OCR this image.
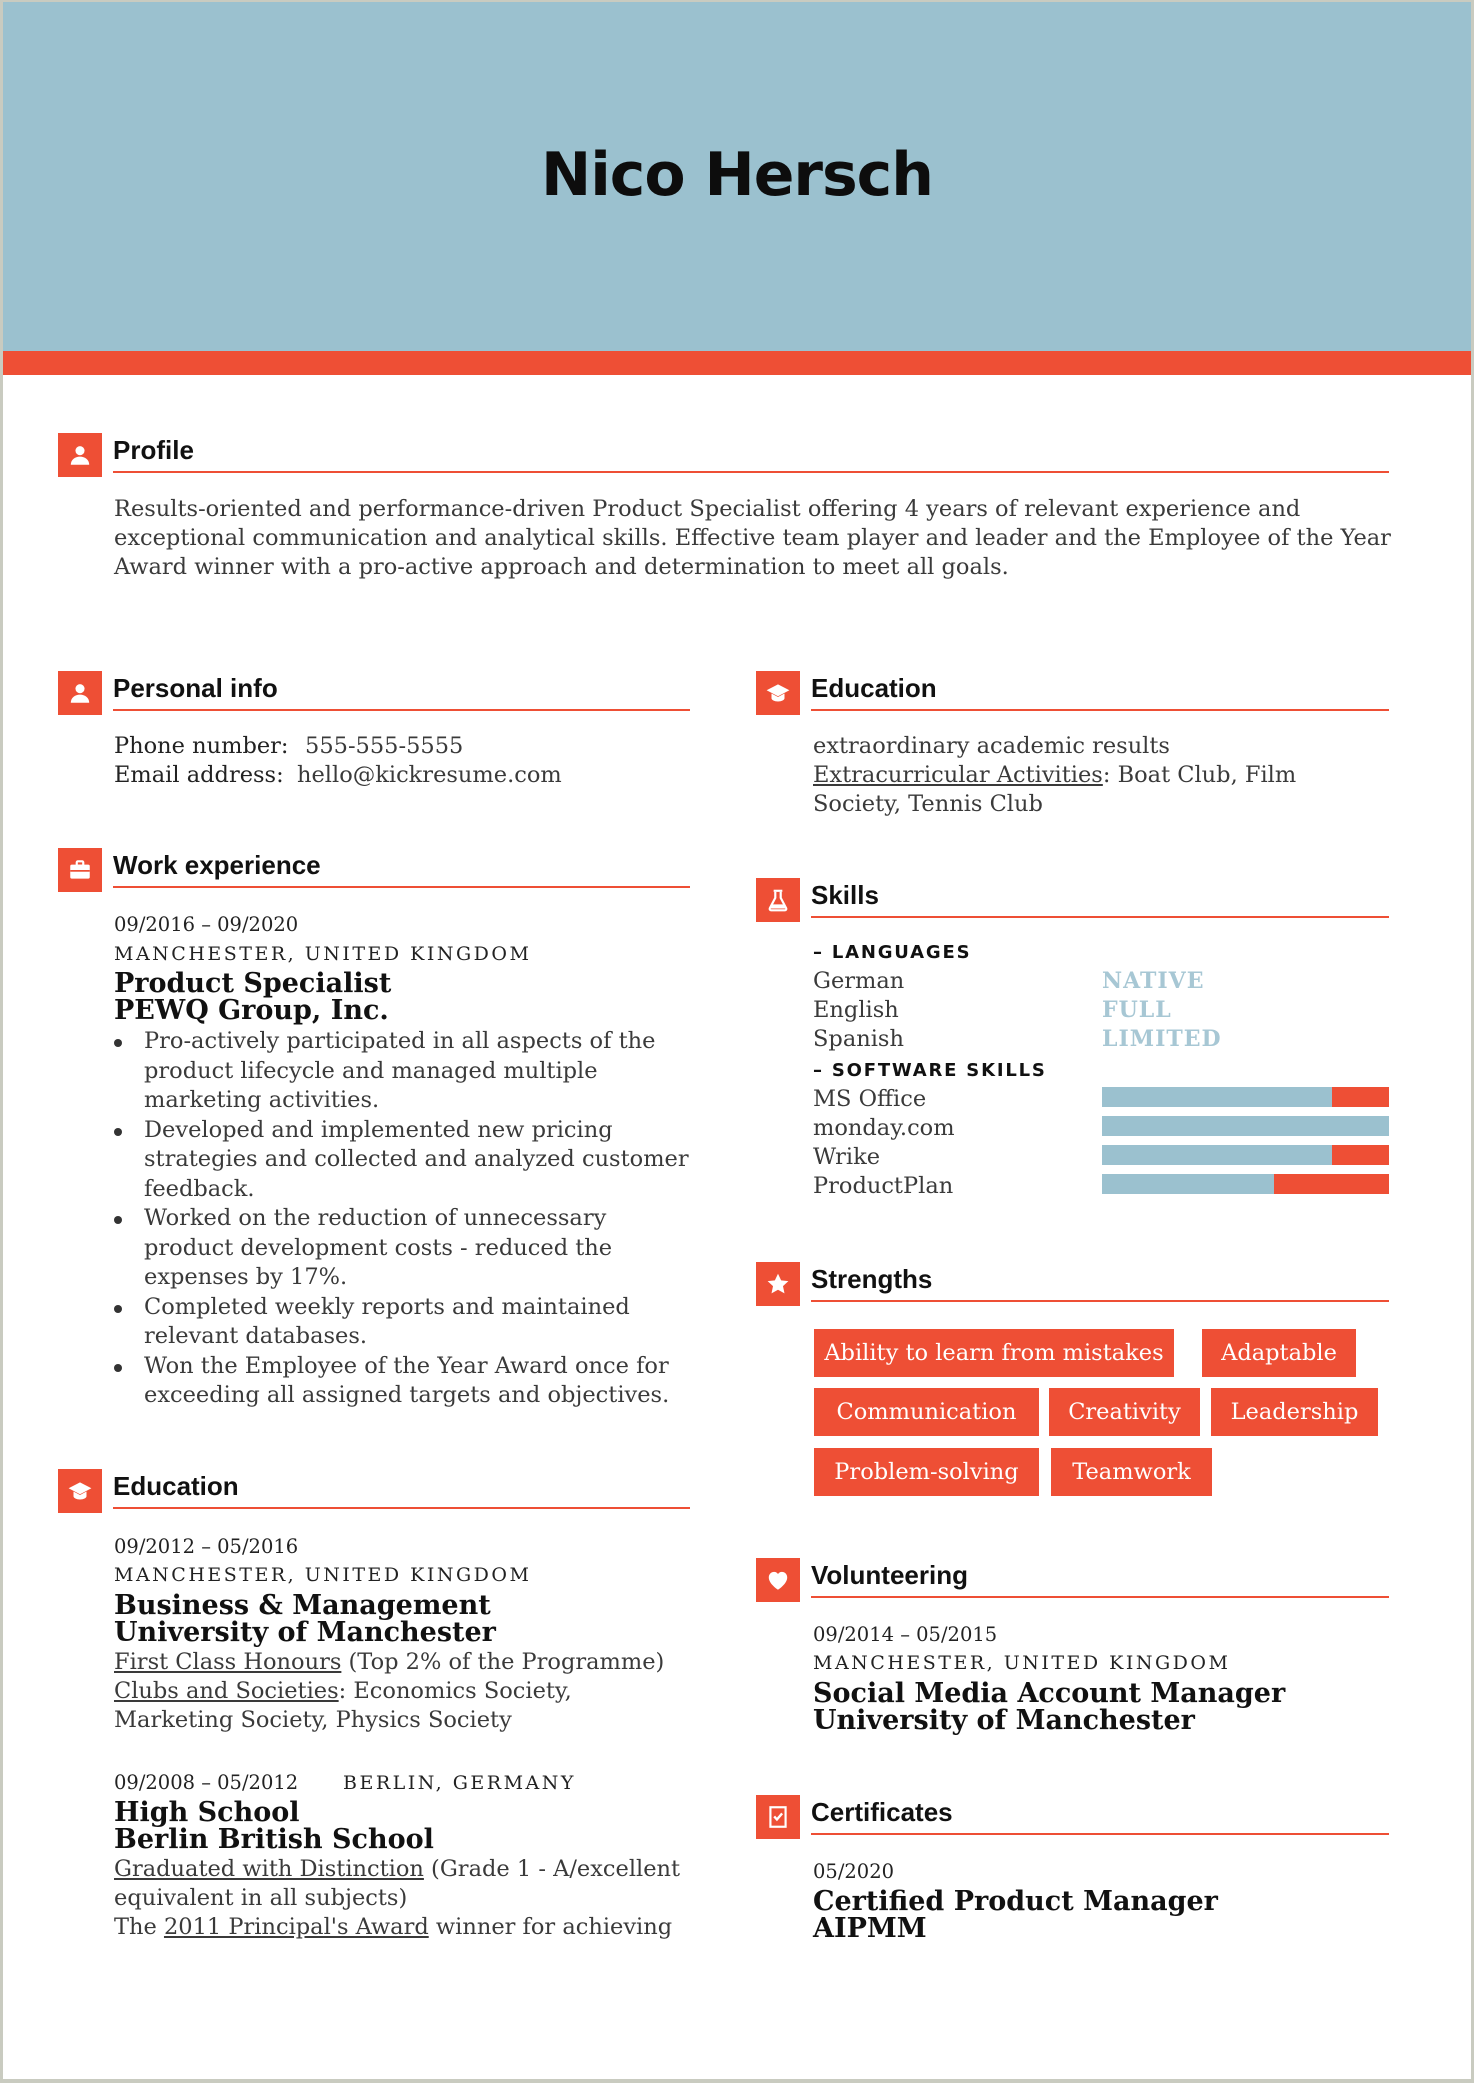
Nico Hersch
Profile
Results-oriented and performance-driven Product Specialist offering 4 years of relevant experience and
exceptional communication and analytical skills. Effective team player and leader and the Employee of the Year
Award winner with a pro-active approach and determination to meet all goals.
Personal info
Phone number: 555-555-5555
Email address: hello@kickresume.com
Work experience
09/2016 – 09/2020
MANCHESTER, UNITED KINGDOM
Product Specialist
PEWQ Group, Inc.
Pro-actively participated in all aspects of the
product lifecycle and managed multiple
marketing activities.
Developed and implemented new pricing
strategies and collected and analyzed customer
feedback.
Worked on the reduction of unnecessary
product development costs - reduced the
expenses by 17%.
Completed weekly reports and maintained
relevant databases.
Won the Employee of the Year Award once for
exceeding all assigned targets and objectives.
Education
09/2012 – 05/2016
MANCHESTER, UNITED KINGDOM
Business & Management
University of Manchester
First Class Honours (Top 2% of the Programme)
Clubs and Societies: Economics Society,
Marketing Society, Physics Society
09/2008 – 05/2012 BERLIN, GERMANY
High School
Berlin British School
Graduated with Distinction (Grade 1 - A/excellent
equivalent in all subjects)
The 2011 Principal's Award winner for achieving
Education
extraordinary academic results
Extracurricular Activities: Boat Club, Film
Society, Tennis Club
Skills
– LANGUAGES
German	NATIVE
English	FULL
Spanish	LIMITED
– SOFTWARE SKILLS
MS Office
monday.com
Wrike
ProductPlan
Strengths
Ability to learn from mistakes	Adaptable
Communication	Creativity	Leadership
Problem-solving	Teamwork
Volunteering
09/2014 – 05/2015
MANCHESTER, UNITED KINGDOM
Social Media Account Manager
University of Manchester
Certificates
05/2020
Certified Product Manager
AIPMM
